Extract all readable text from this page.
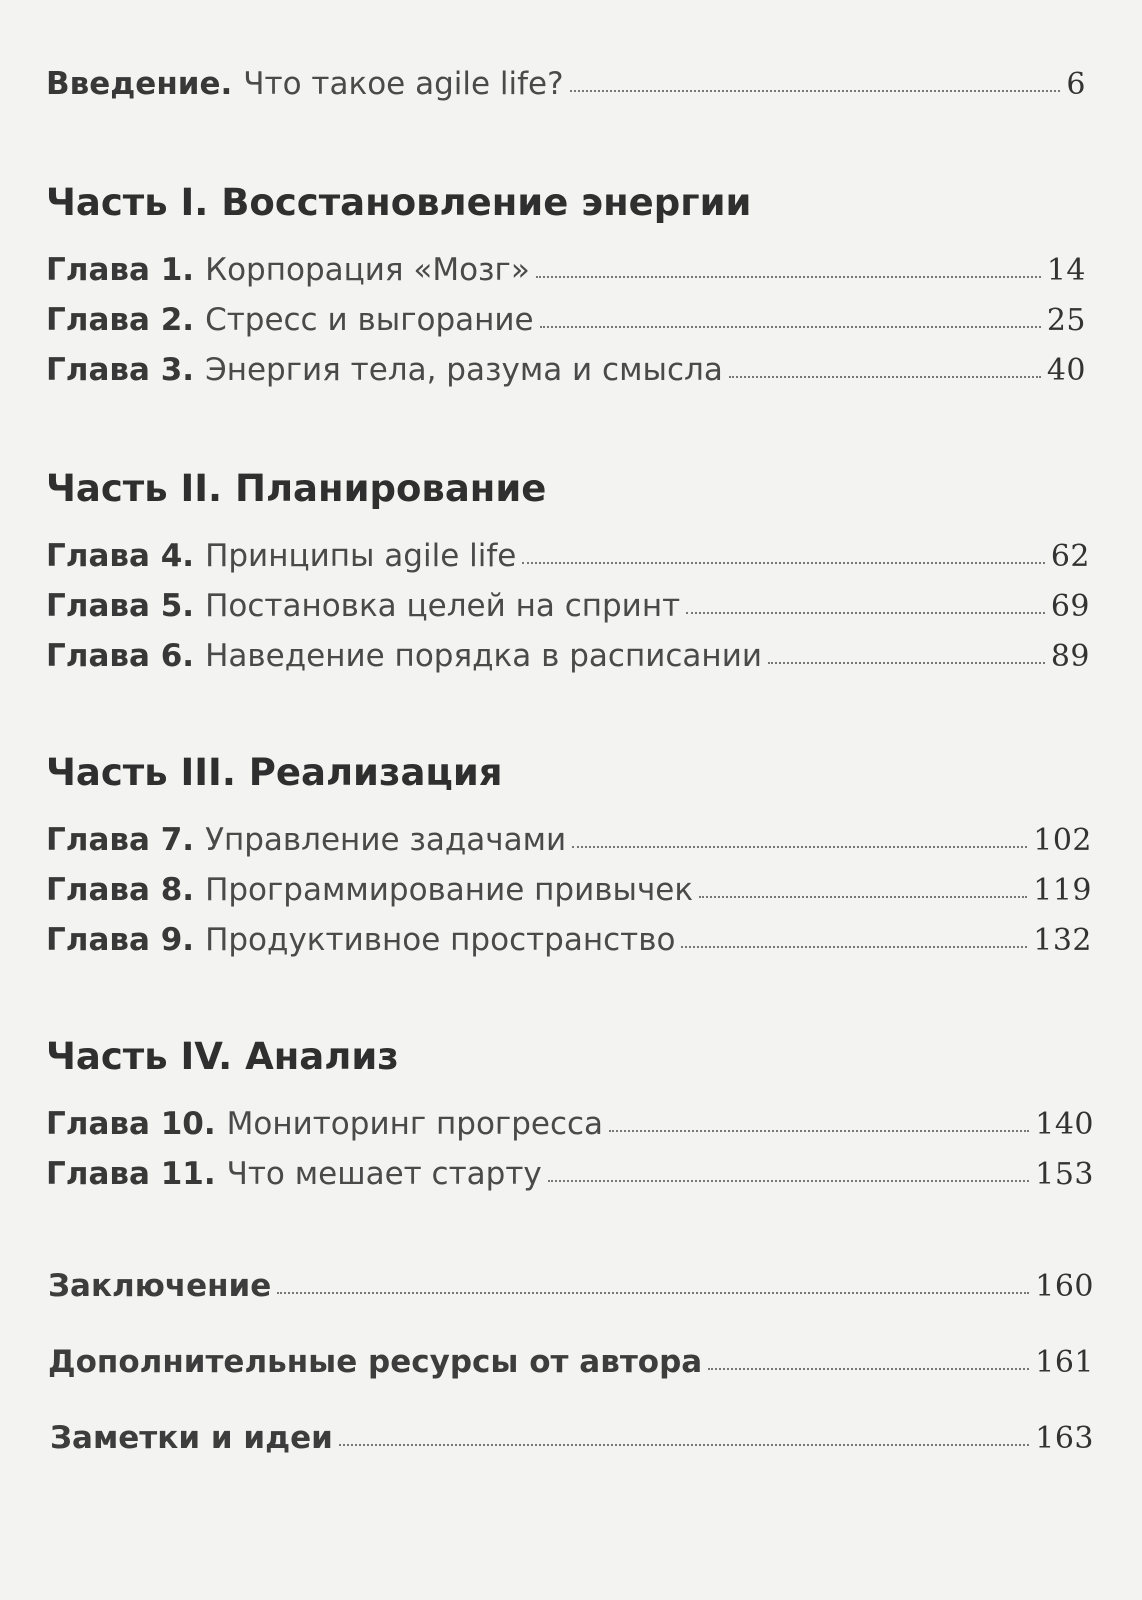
Введение. Что такое agile life?	6
Часть I. Восстановление энергии
Глава 1. Корпорация «Мозг»	14
Глава 2. Стресс и выгорание	25
Глава 3. Энергия тела, разума и смысла	40
Часть II. Планирование
Глава 4. Принципы agile life	62
Глава 5. Постановка целей на спринт	69
Глава 6. Наведение порядка в расписании	89
Часть III. Реализация
Глава 7. Управление задачами	102
Глава 8. Программирование привычек	119
Глава 9. Продуктивное пространство	132
Часть IV. Анализ
Глава 10. Мониторинг прогресса	140
Глава 11. Что мешает старту	153
Заключение	160
Дополнительные ресурсы от автора	161
Заметки и идеи	163
